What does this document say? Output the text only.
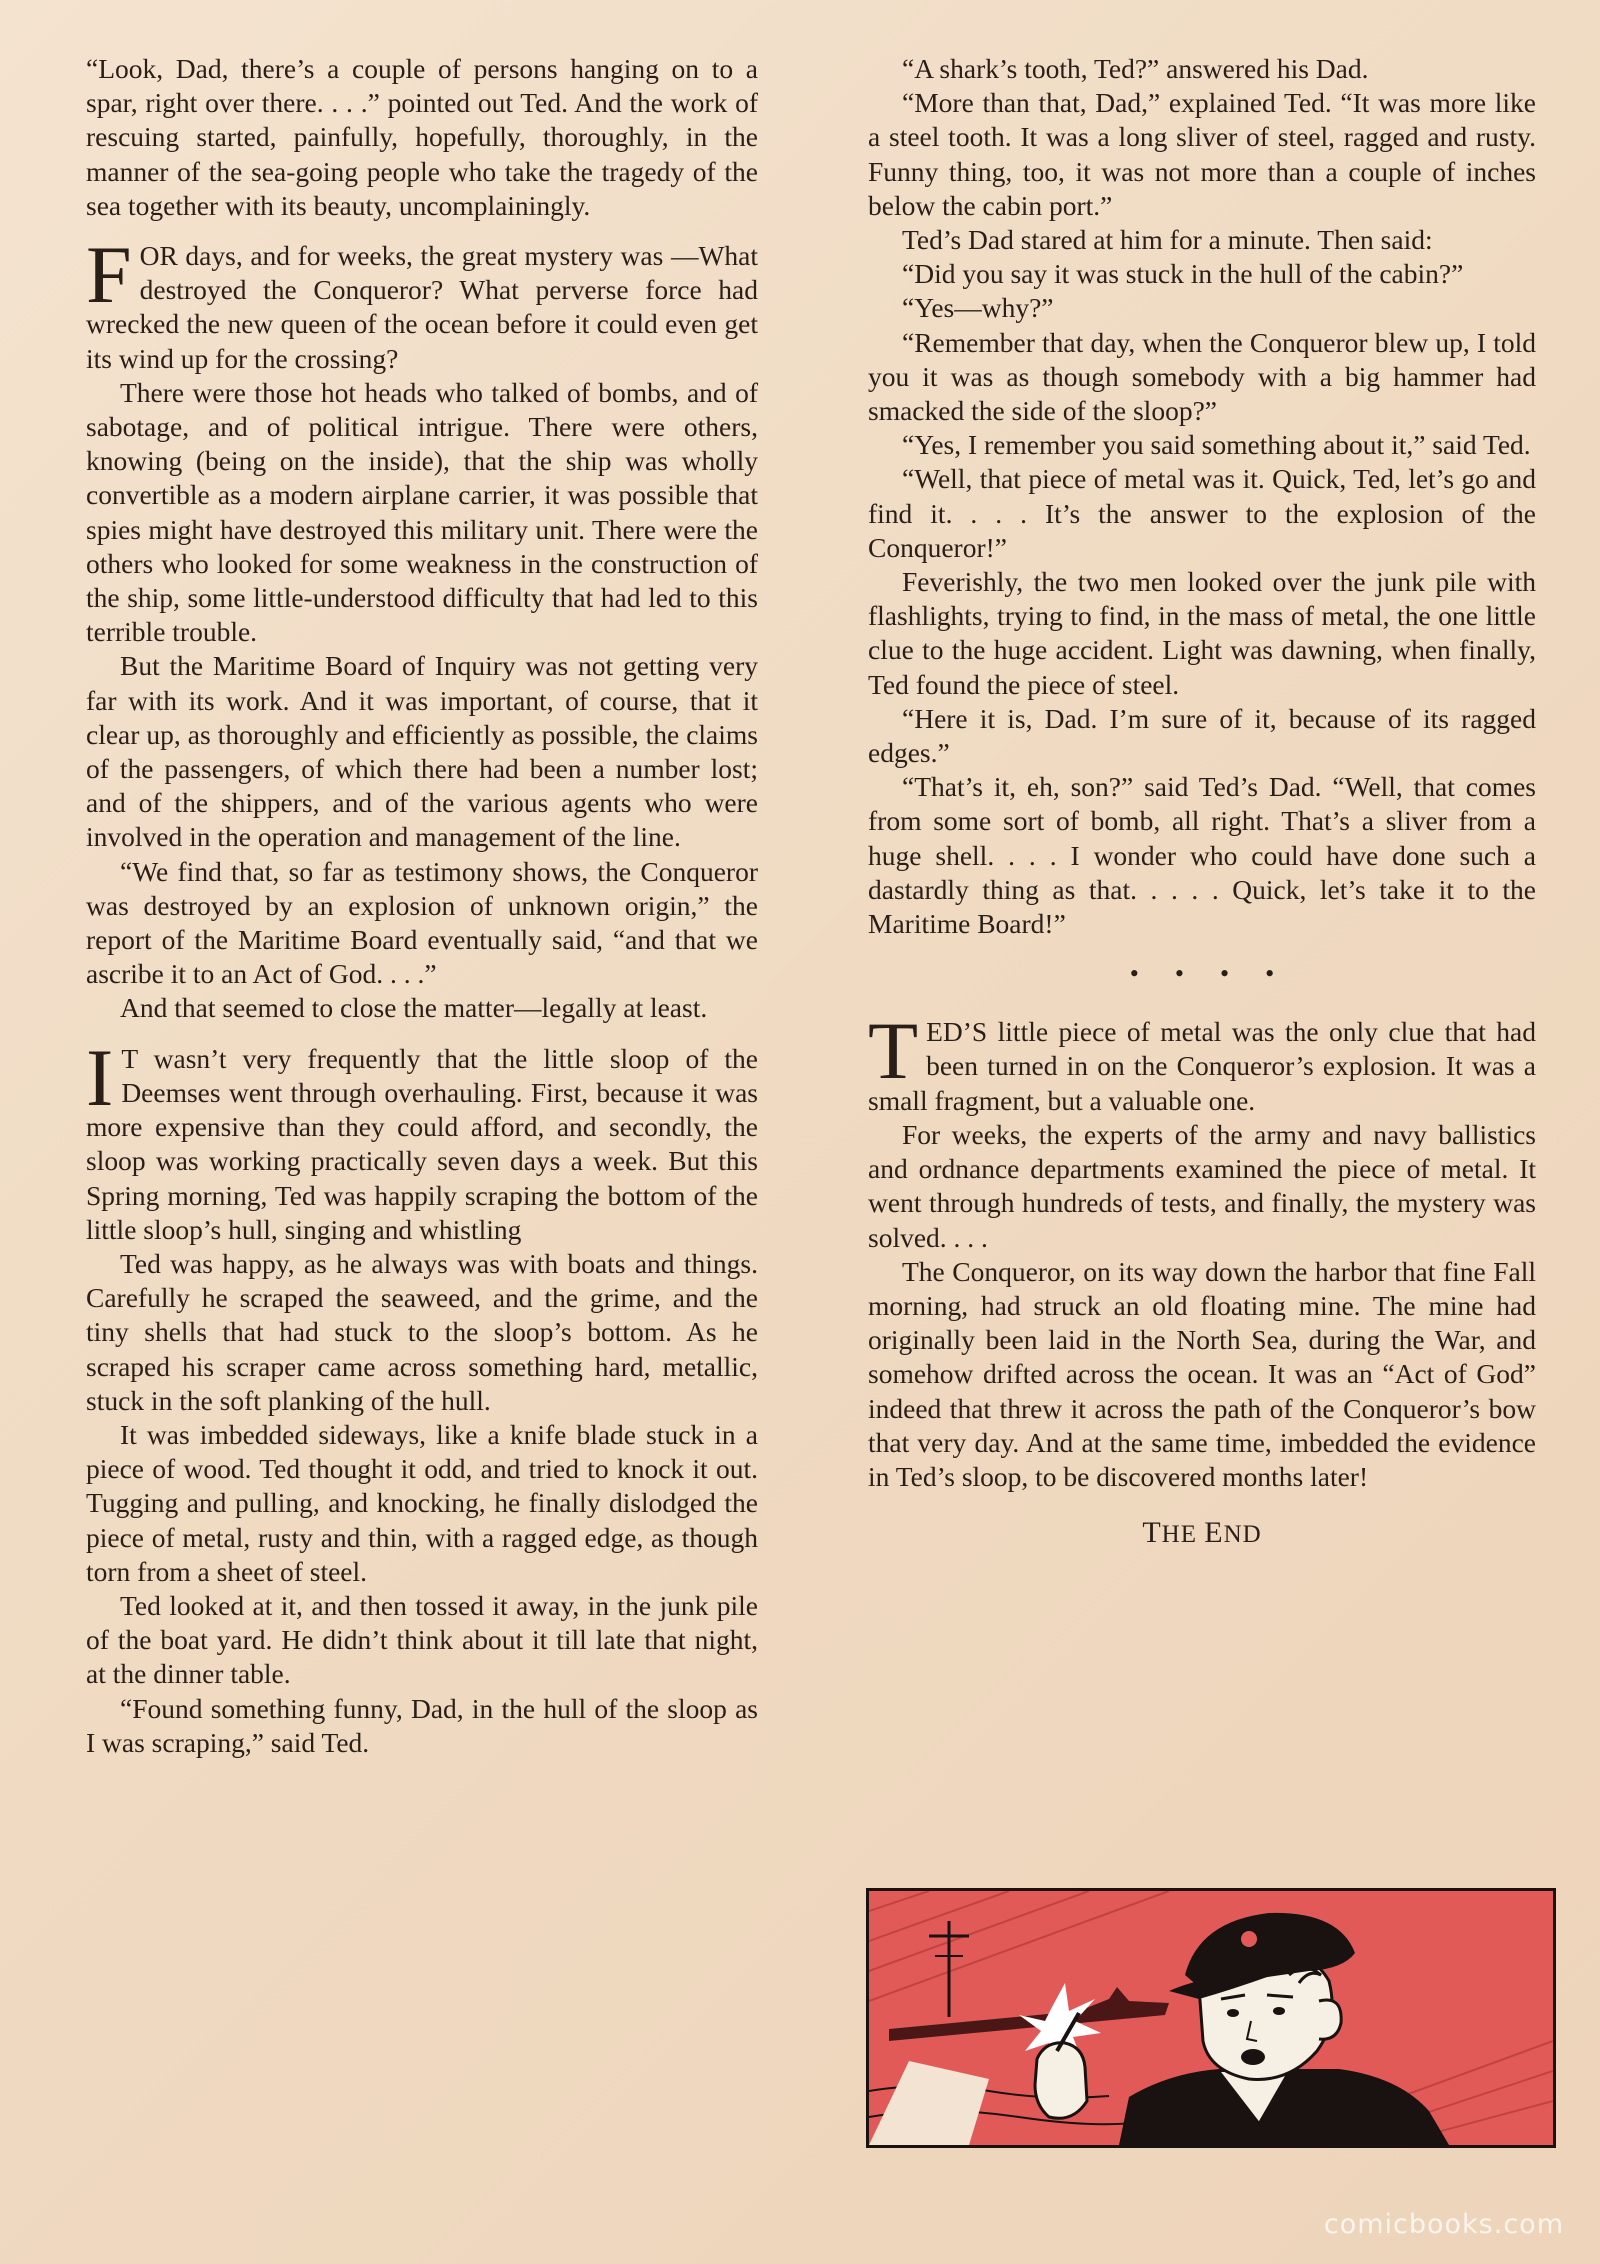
“Look, Dad, there’s a couple of persons hanging on to a spar, right over there. . . .” pointed out Ted. And the work of rescuing started, painfully, hopefully, thoroughly, in the manner of the sea-going people who take the tragedy of the sea together with its beauty, uncomplainingly.

FOR days, and for weeks, the great mystery was —What destroyed the Conqueror? What perverse force had wrecked the new queen of the ocean before it could even get its wind up for the crossing?

There were those hot heads who talked of bombs, and of sabotage, and of political intrigue. There were others, knowing (being on the inside), that the ship was wholly convertible as a modern airplane carrier, it was possible that spies might have destroyed this military unit. There were the others who looked for some weakness in the construction of the ship, some little-understood difficulty that had led to this terrible trouble.

But the Maritime Board of Inquiry was not getting very far with its work. And it was important, of course, that it clear up, as thoroughly and efficiently as possible, the claims of the passengers, of which there had been a number lost; and of the shippers, and of the various agents who were involved in the operation and management of the line.

“We find that, so far as testimony shows, the Conqueror was destroyed by an explosion of unknown origin,” the report of the Maritime Board eventually said, “and that we ascribe it to an Act of God. . . .”

And that seemed to close the matter—legally at least.

I T wasn’t very frequently that the little sloop of the Deemses went through overhauling. First, because it was more expensive than they could afford, and secondly, the sloop was working practically seven days a week. But this Spring morning, Ted was happily scraping the bottom of the little sloop’s hull, singing and whistling

Ted was happy, as he always was with boats and things. Carefully he scraped the seaweed, and the grime, and the tiny shells that had stuck to the sloop’s bottom. As he scraped his scraper came across something hard, metallic, stuck in the soft planking of the hull.

It was imbedded sideways, like a knife blade stuck in a piece of wood. Ted thought it odd, and tried to knock it out. Tugging and pulling, and knocking, he finally dislodged the piece of metal, rusty and thin, with a ragged edge, as though torn from a sheet of steel.

Ted looked at it, and then tossed it away, in the junk pile of the boat yard. He didn’t think about it till late that night, at the dinner table.

“Found something funny, Dad, in the hull of the sloop as I was scraping,” said Ted.

“A shark’s tooth, Ted?” answered his Dad.

“More than that, Dad,” explained Ted. “It was more like a steel tooth. It was a long sliver of steel, ragged and rusty. Funny thing, too, it was not more than a couple of inches below the cabin port.”

Ted’s Dad stared at him for a minute. Then said:

“Did you say it was stuck in the hull of the cabin?”

“Yes—why?”

“Remember that day, when the Conqueror blew up, I told you it was as though somebody with a big hammer had smacked the side of the sloop?”

“Yes, I remember you said something about it,” said Ted.

“Well, that piece of metal was it. Quick, Ted, let’s go and find it. . . . It’s the answer to the explosion of the Conqueror!”

Feverishly, the two men looked over the junk pile with flashlights, trying to find, in the mass of metal, the one little clue to the huge accident. Light was dawning, when finally, Ted found the piece of steel.

“Here it is, Dad. I’m sure of it, because of its ragged edges.”

“That’s it, eh, son?” said Ted’s Dad. “Well, that comes from some sort of bomb, all right. That’s a sliver from a huge shell. . . . I wonder who could have done such a dastardly thing as that. . . . . Quick, let’s take it to the Maritime Board!”

• • • •

TED’S little piece of metal was the only clue that had been turned in on the Conqueror’s explosion. It was a small fragment, but a valuable one.

For weeks, the experts of the army and navy ballistics and ordnance departments examined the piece of metal. It went through hundreds of tests, and finally, the mystery was solved. . . .

The Conqueror, on its way down the harbor that fine Fall morning, had struck an old floating mine. The mine had originally been laid in the North Sea, during the War, and somehow drifted across the ocean. It was an “Act of God” indeed that threw it across the path of the Conqueror’s bow that very day. And at the same time, imbedded the evidence in Ted’s sloop, to be discovered months later!

THE END
comicbooks.com
